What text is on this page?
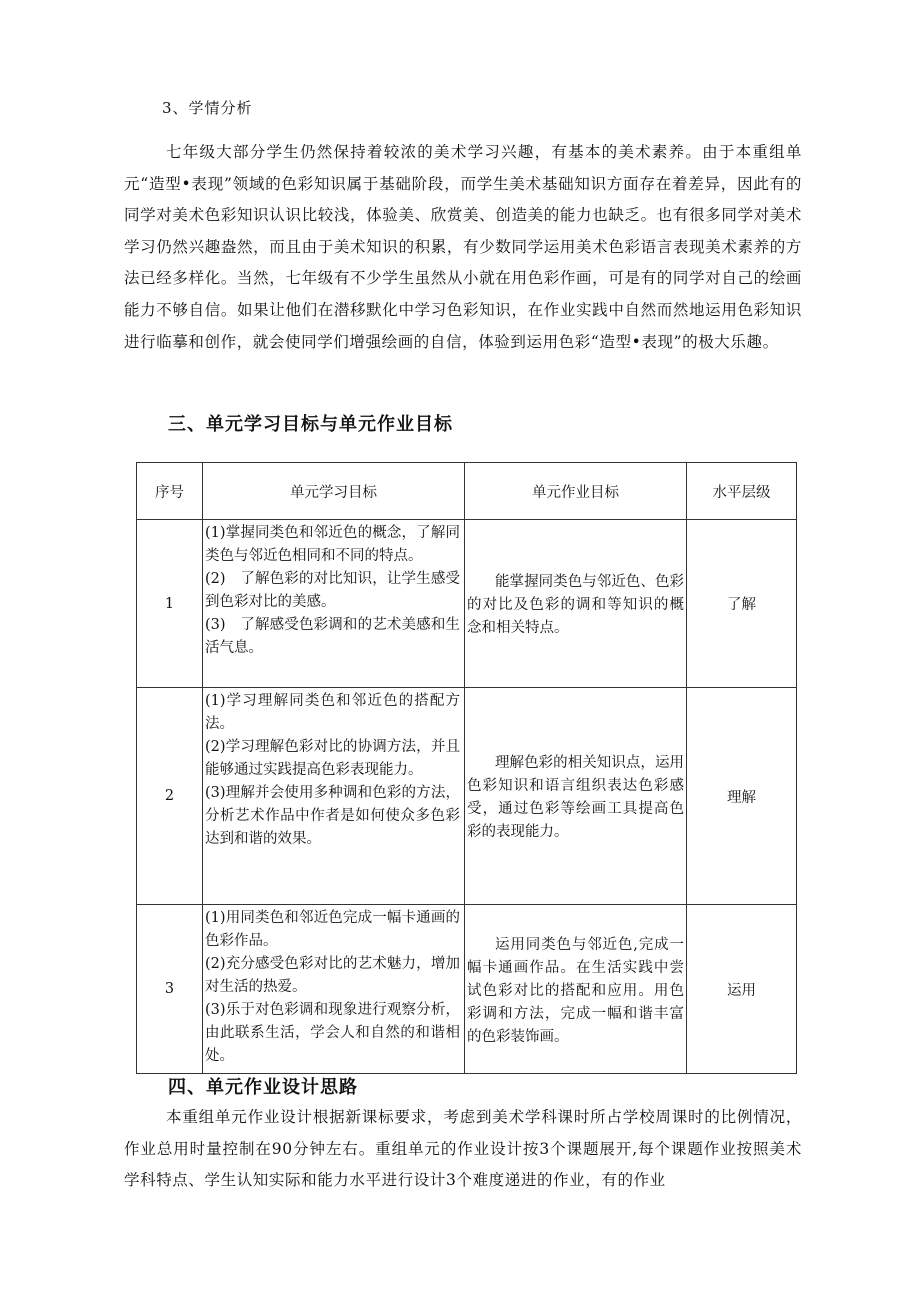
3、学情分析
七年级大部分学生仍然保持着较浓的美术学习兴趣，有基本的美术素养。由于本重组单元“造型•表现”领域的色彩知识属于基础阶段，而学生美术基础知识方面存在着差异，因此有的同学对美术色彩知识认识比较浅，体验美、欣赏美、创造美的能力也缺乏。也有很多同学对美术学习仍然兴趣盎然，而且由于美术知识的积累，有少数同学运用美术色彩语言表现美术素养的方法已经多样化。当然，七年级有不少学生虽然从小就在用色彩作画，可是有的同学对自己的绘画能力不够自信。如果让他们在潜移默化中学习色彩知识，在作业实践中自然而然地运用色彩知识进行临摹和创作，就会使同学们增强绘画的自信，体验到运用色彩“造型•表现”的极大乐趣。
三、单元学习目标与单元作业目标
序号	单元学习目标	单元作业目标	水平层级
1	(1)掌握同类色和邻近色的概念，了解同类色与邻近色相同和不同的特点。
(2)　了解色彩的对比知识，让学生感受到色彩对比的美感。
(3)　了解感受色彩调和的艺术美感和生活气息。	能掌握同类色与邻近色、色彩的对比及色彩的调和等知识的概念和相关特点。	了解
2	(1)学习理解同类色和邻近色的搭配方法。
(2)学习理解色彩对比的协调方法，并且能够通过实践提高色彩表现能力。
(3)理解并会使用多种调和色彩的方法，分析艺术作品中作者是如何使众多色彩达到和谐的效果。	理解色彩的相关知识点，运用色彩知识和语言组织表达色彩感受，通过色彩等绘画工具提高色彩的表现能力。	理解
3	(1)用同类色和邻近色完成一幅卡通画的色彩作品。
(2)充分感受色彩对比的艺术魅力，增加对生活的热爱。
(3)乐于对色彩调和现象进行观察分析，由此联系生活，学会人和自然的和谐相处。	运用同类色与邻近色,完成一幅卡通画作品。在生活实践中尝试色彩对比的搭配和应用。用色彩调和方法，完成一幅和谐丰富的色彩装饰画。	运用
四、单元作业设计思路
本重组单元作业设计根据新课标要求，考虑到美术学科课时所占学校周课时的比例情况，作业总用时量控制在90分钟左右。重组单元的作业设计按3个课题展开,每个课题作业按照美术学科特点、学生认知实际和能力水平进行设计3个难度递进的作业，有的作业
